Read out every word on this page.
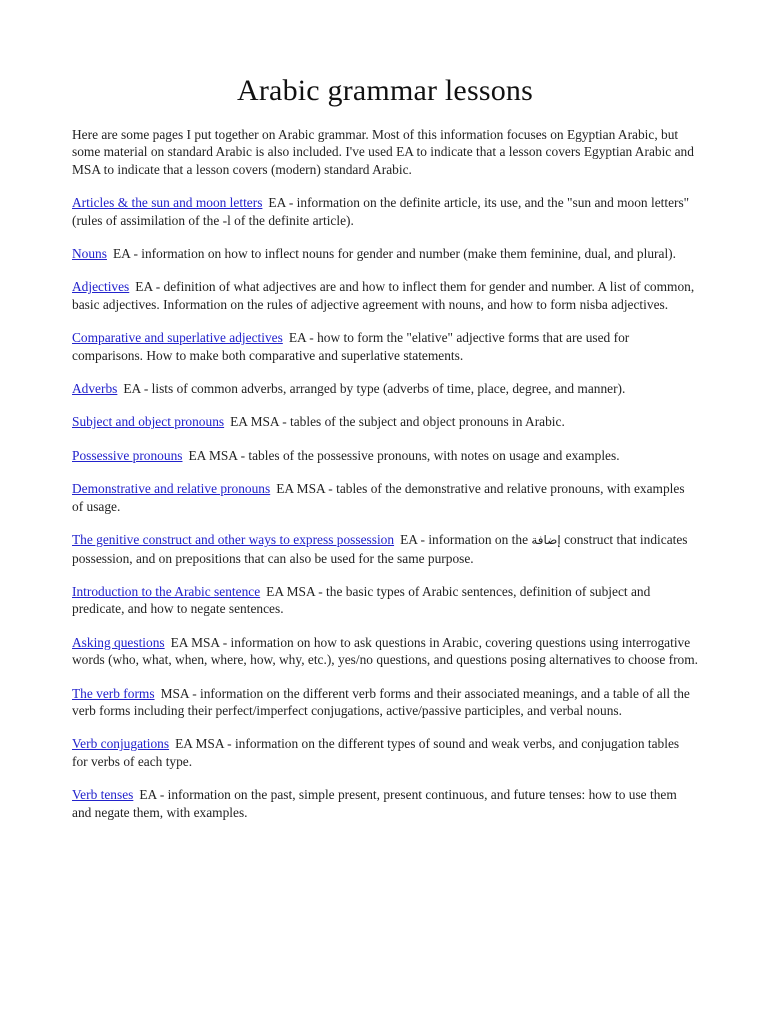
Arabic grammar lessons

Here are some pages I put together on Arabic grammar. Most of this information focuses on Egyptian Arabic, but some material on standard Arabic is also included. I've used EA to indicate that a lesson covers Egyptian Arabic and MSA to indicate that a lesson covers (modern) standard Arabic.

Articles & the sun and moon letters EA - information on the definite article, its use, and the "sun and moon letters" (rules of assimilation of the -l of the definite article).

Nouns EA - information on how to inflect nouns for gender and number (make them feminine, dual, and plural).

Adjectives EA - definition of what adjectives are and how to inflect them for gender and number. A list of common, basic adjectives. Information on the rules of adjective agreement with nouns, and how to form nisba adjectives.

Comparative and superlative adjectives EA - how to form the "elative" adjective forms that are used for comparisons. How to make both comparative and superlative statements.

Adverbs EA - lists of common adverbs, arranged by type (adverbs of time, place, degree, and manner).

Subject and object pronouns EA MSA - tables of the subject and object pronouns in Arabic.

Possessive pronouns EA MSA - tables of the possessive pronouns, with notes on usage and examples.

Demonstrative and relative pronouns EA MSA - tables of the demonstrative and relative pronouns, with examples of usage.

The genitive construct and other ways to express possession EA - information on the إضافة construct that indicates possession, and on prepositions that can also be used for the same purpose.

Introduction to the Arabic sentence EA MSA - the basic types of Arabic sentences, definition of subject and predicate, and how to negate sentences.

Asking questions EA MSA - information on how to ask questions in Arabic, covering questions using interrogative words (who, what, when, where, how, why, etc.), yes/no questions, and questions posing alternatives to choose from.

The verb forms MSA - information on the different verb forms and their associated meanings, and a table of all the verb forms including their perfect/imperfect conjugations, active/passive participles, and verbal nouns.

Verb conjugations EA MSA - information on the different types of sound and weak verbs, and conjugation tables for verbs of each type.

Verb tenses EA - information on the past, simple present, present continuous, and future tenses: how to use them and negate them, with examples.
